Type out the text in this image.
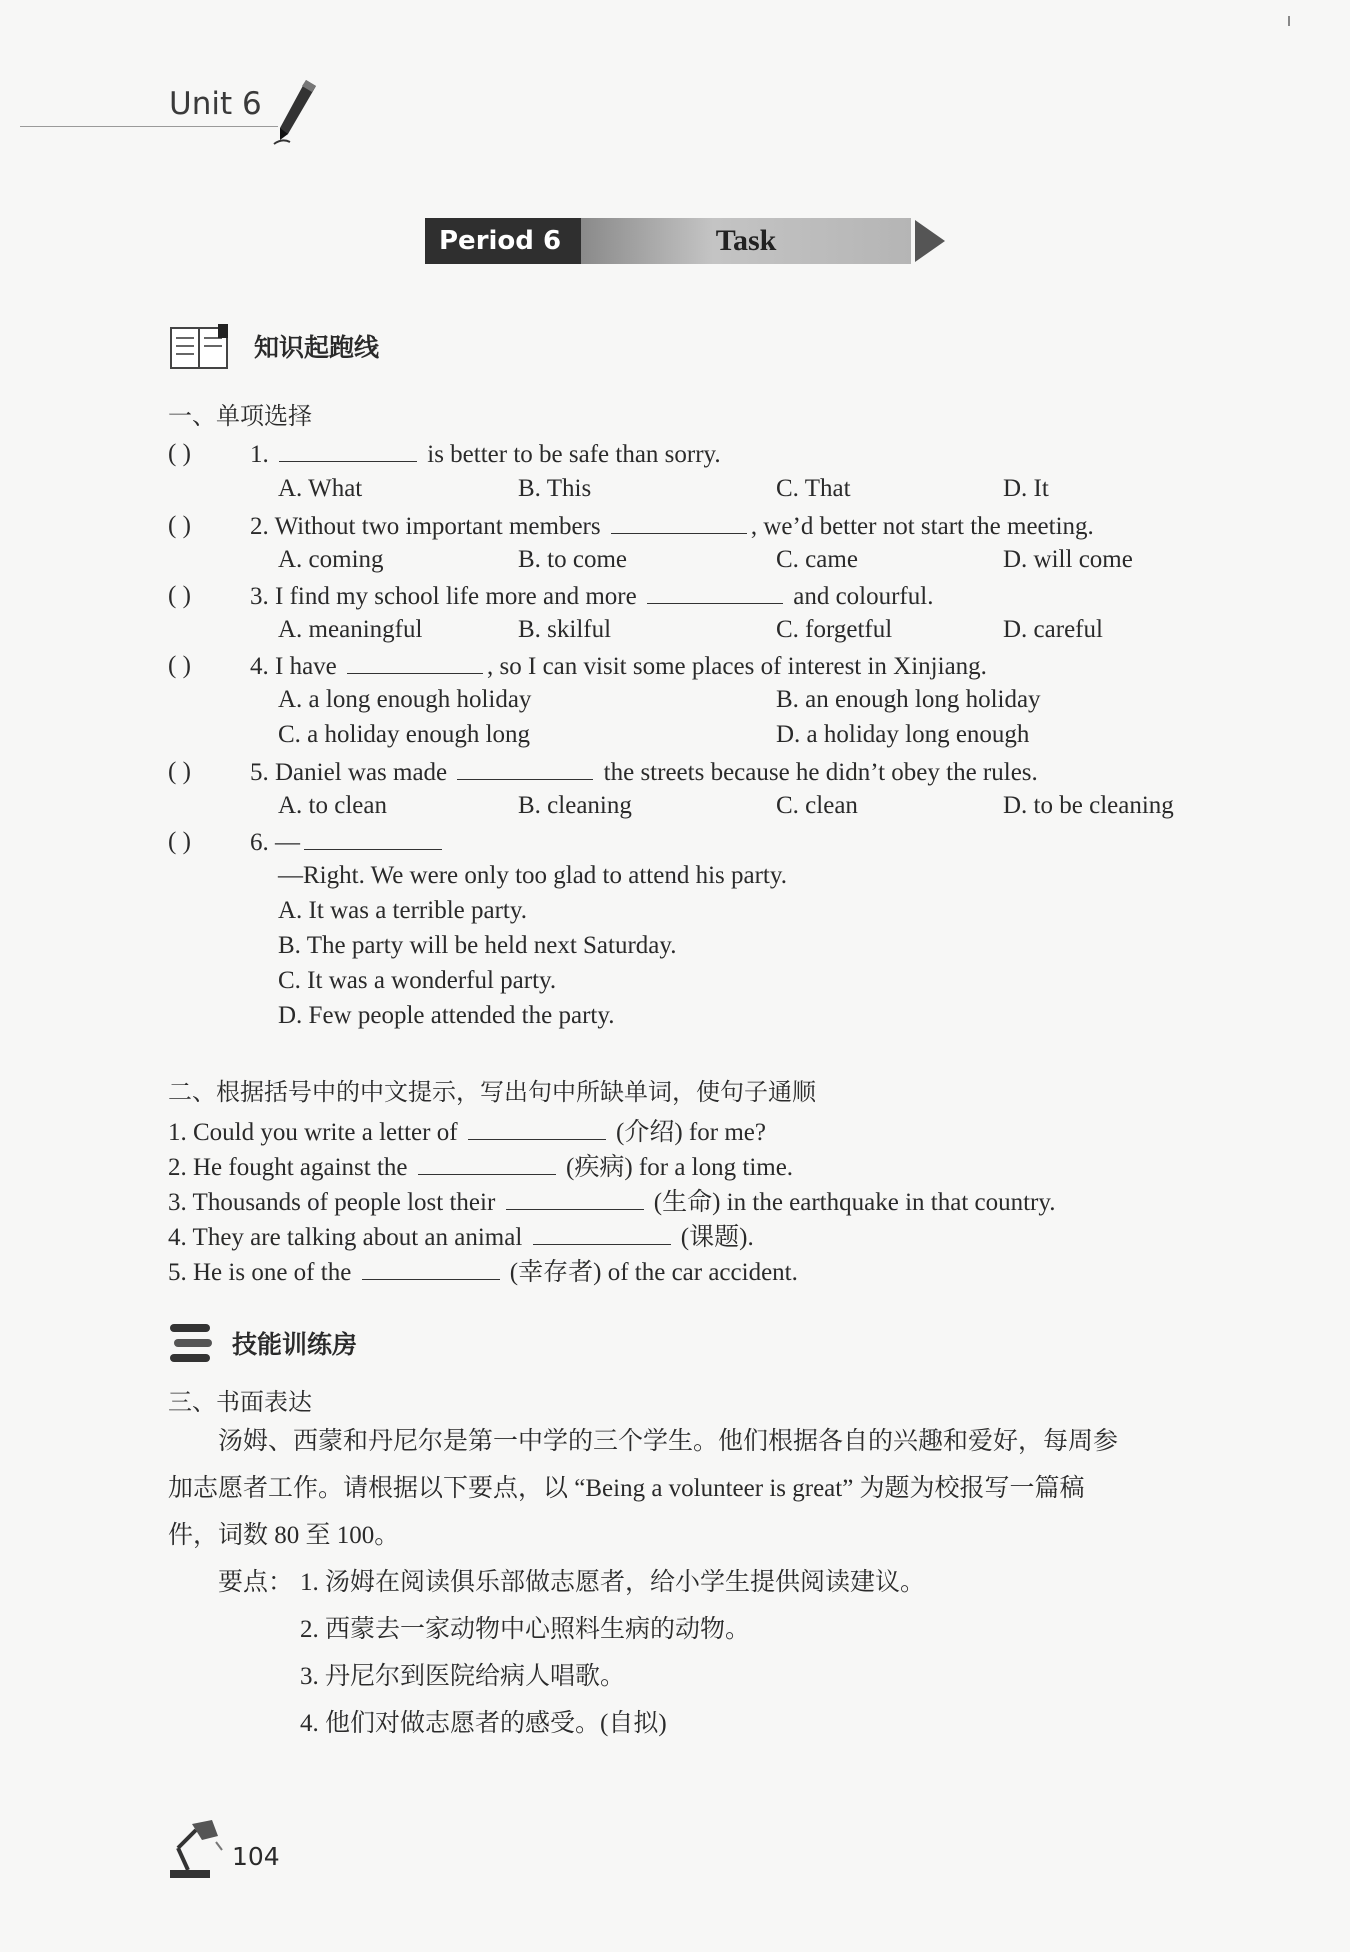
Unit 6
Period 6	Task
知识起跑线
一、单项选择
( ) 1.	is better to be safe than sorry.
A. What	B. This	C. That	D. It
( ) 2. Without two important members	, we’d better not start the meeting.
A. coming	B. to come	C. came	D. will come
( ) 3. I find my school life more and more	and colourful.
A. meaningful	B. skilful	C. forgetful	D. careful
( ) 4. I have	, so I can visit some places of interest in Xinjiang.
A. a long enough holiday	B. an enough long holiday
C. a holiday enough long	D. a holiday long enough
( ) 5. Daniel was made	the streets because he didn’t obey the rules.
A. to clean	B. cleaning	C. clean	D. to be cleaning
( ) 6. —
—Right. We were only too glad to attend his party.
A. It was a terrible party.
B. The party will be held next Saturday.
C. It was a wonderful party.
D. Few people attended the party.
二、根据括号中的中文提示，写出句中所缺单词，使句子通顺
1. Could you write a letter of	(介绍) for me?
2. He fought against the	(疾病) for a long time.
3. Thousands of people lost their	(生命) in the earthquake in that country.
4. They are talking about an animal	(课题).
5. He is one of the	(幸存者) of the car accident.
技能训练房
三、书面表达
汤姆、西蒙和丹尼尔是第一中学的三个学生。他们根据各自的兴趣和爱好，每周参
加志愿者工作。请根据以下要点，以 “Being a volunteer is great” 为题为校报写一篇稿
件，词数 80 至 100。
要点： 1. 汤姆在阅读俱乐部做志愿者，给小学生提供阅读建议。
2. 西蒙去一家动物中心照料生病的动物。
3. 丹尼尔到医院给病人唱歌。
4. 他们对做志愿者的感受。(自拟)
104
